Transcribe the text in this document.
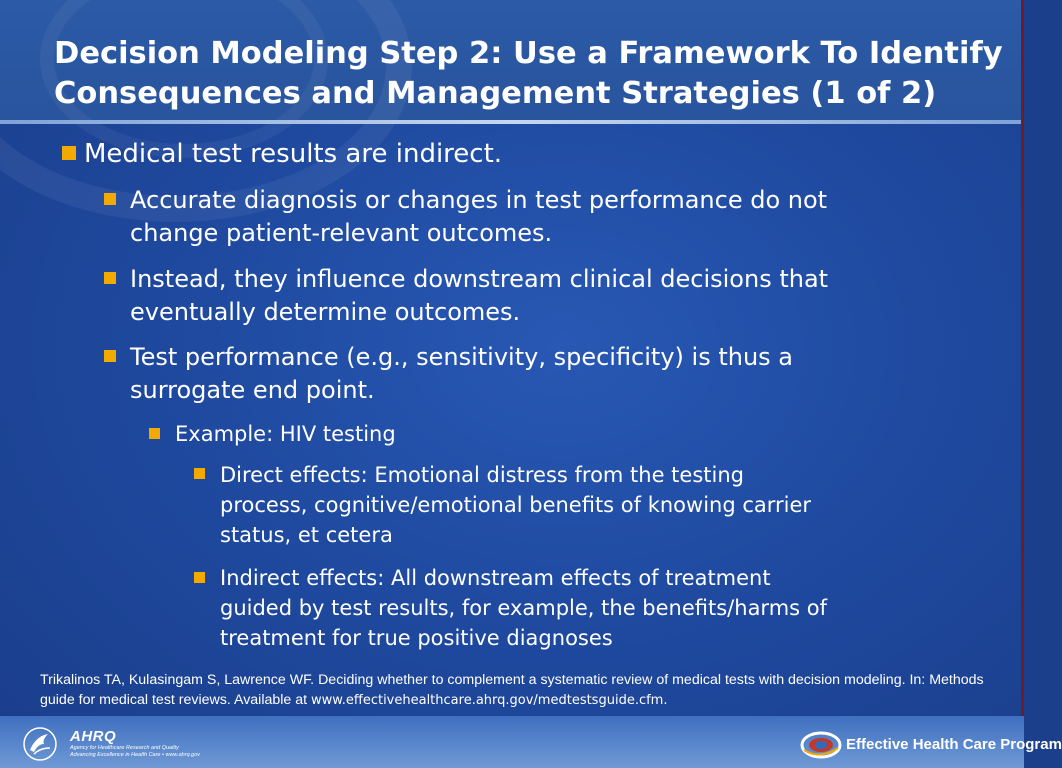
Decision Modeling Step 2: Use a Framework To Identify
Consequences and Management Strategies (1 of 2)
Medical test results are indirect.
Accurate diagnosis or changes in test performance do not
change patient-relevant outcomes.
Instead, they influence downstream clinical decisions that
eventually determine outcomes.
Test performance (e.g., sensitivity, specificity) is thus a
surrogate end point.
Example: HIV testing
Direct effects: Emotional distress from the testing
process, cognitive/emotional benefits of knowing carrier
status, et cetera
Indirect effects: All downstream effects of treatment
guided by test results, for example, the benefits/harms of
treatment for true positive diagnoses
Trikalinos TA, Kulasingam S, Lawrence WF. Deciding whether to complement a systematic review of medical tests with decision modeling. In: Methods guide for medical test reviews. Available at www.effectivehealthcare.ahrq.gov/medtestsguide.cfm.
AHRQ
Agency for Healthcare Research and Quality
Advancing Excellence in Health Care • www.ahrq.gov
Effective Health Care Program
